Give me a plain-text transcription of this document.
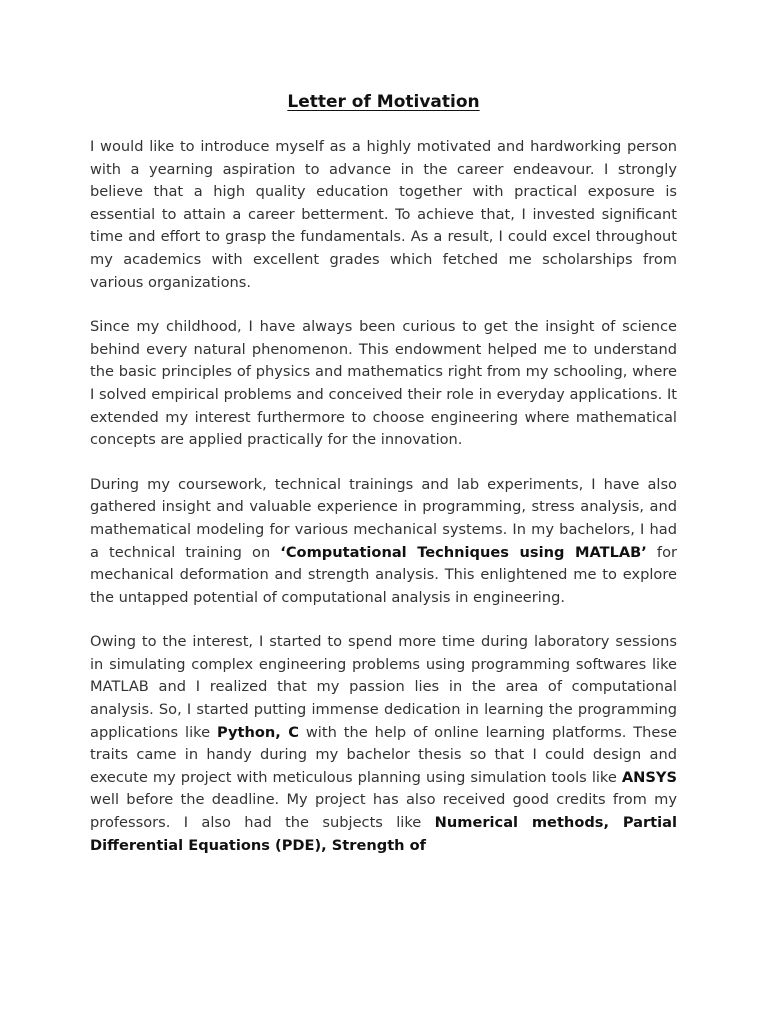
Letter of Motivation

I would like to introduce myself as a highly motivated and hardworking person with a yearning aspiration to advance in the career endeavour. I strongly believe that a high quality education together with practical exposure is essential to attain a career betterment. To achieve that, I invested significant time and effort to grasp the fundamentals. As a result, I could excel throughout my academics with excellent grades which fetched me scholarships from various organizations.

Since my childhood, I have always been curious to get the insight of science behind every natural phenomenon. This endowment helped me to understand the basic principles of physics and mathematics right from my schooling, where I solved empirical problems and conceived their role in everyday applications. It extended my interest furthermore to choose engineering where mathematical concepts are applied practically for the innovation.

During my coursework, technical trainings and lab experiments, I have also gathered insight and valuable experience in programming, stress analysis, and mathematical modeling for various mechanical systems. In my bachelors, I had a technical training on ‘Computational Techniques using MATLAB’ for mechanical deformation and strength analysis. This enlightened me to explore the untapped potential of computational analysis in engineering.

Owing to the interest, I started to spend more time during laboratory sessions in simulating complex engineering problems using programming softwares like MATLAB and I realized that my passion lies in the area of computational analysis. So, I started putting immense dedication in learning the programming applications like Python, C with the help of online learning platforms. These traits came in handy during my bachelor thesis so that I could design and execute my project with meticulous planning using simulation tools like ANSYS well before the deadline. My project has also received good credits from my professors. I also had the subjects like Numerical methods, Partial Differential Equations (PDE), Strength of
